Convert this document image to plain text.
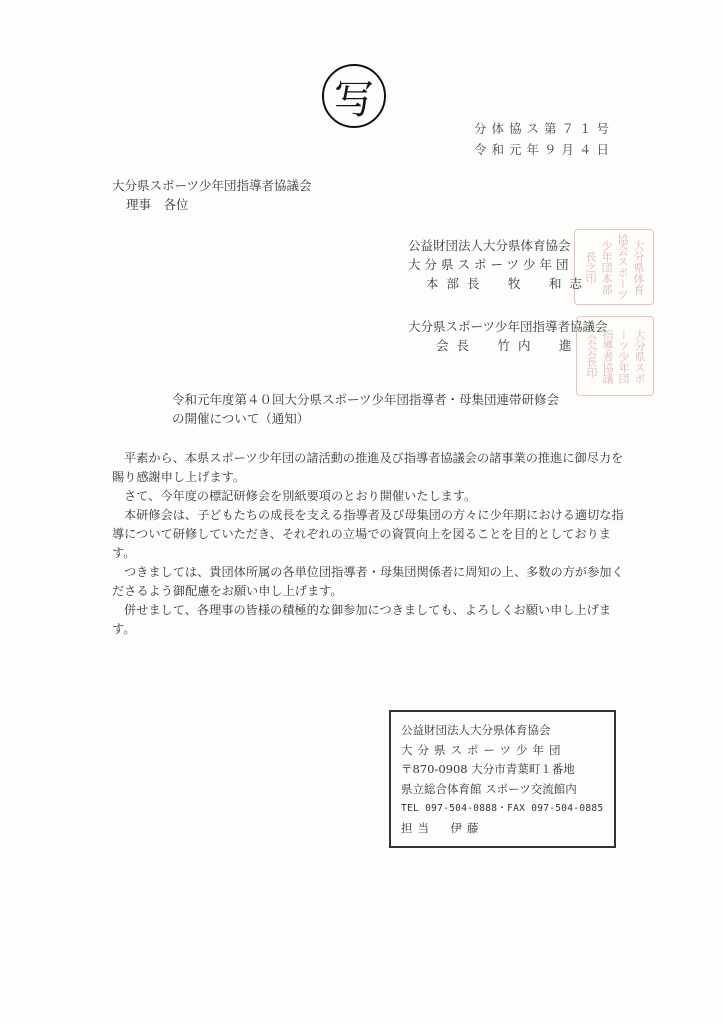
写
分体協ス第７１号
令和元年９月４日
大分県スポーツ少年団指導者協議会
理事　各位
公益財団法人大分県体育協会
大分県スポーツ少年団
本部長　牧　和志	大分県体育
協会スポーツ
少年団本部
長之印
大分県スポーツ少年団指導者協議会
会長　竹内　進	大分県スポ
ーツ少年団
指導者協議
会会長印
令和元年度第４０回大分県スポーツ少年団指導者・母集団連帯研修会
の開催について（通知）

平素から、本県スポーツ少年団の諸活動の推進及び指導者協議会の諸事業の推進に御尽力を賜り感謝申し上げます。

さて、今年度の標記研修会を別紙要項のとおり開催いたします。

本研修会は、子どもたちの成長を支える指導者及び母集団の方々に少年期における適切な指導について研修していただき、それぞれの立場での資質向上を図ることを目的としております。

つきましては、貴団体所属の各単位団指導者・母集団関係者に周知の上、多数の方が参加くださるよう御配慮をお願い申し上げます。

併せまして、各理事の皆様の積極的な御参加につきましても、よろしくお願い申し上げます。

公益財団法人大分県体育協会
大分県スポーツ少年団
〒870-0908 大分市青葉町１番地
県立総合体育館 スポーツ交流館内
TEL 097-504-0888・FAX 097-504-0885
担当　伊藤
